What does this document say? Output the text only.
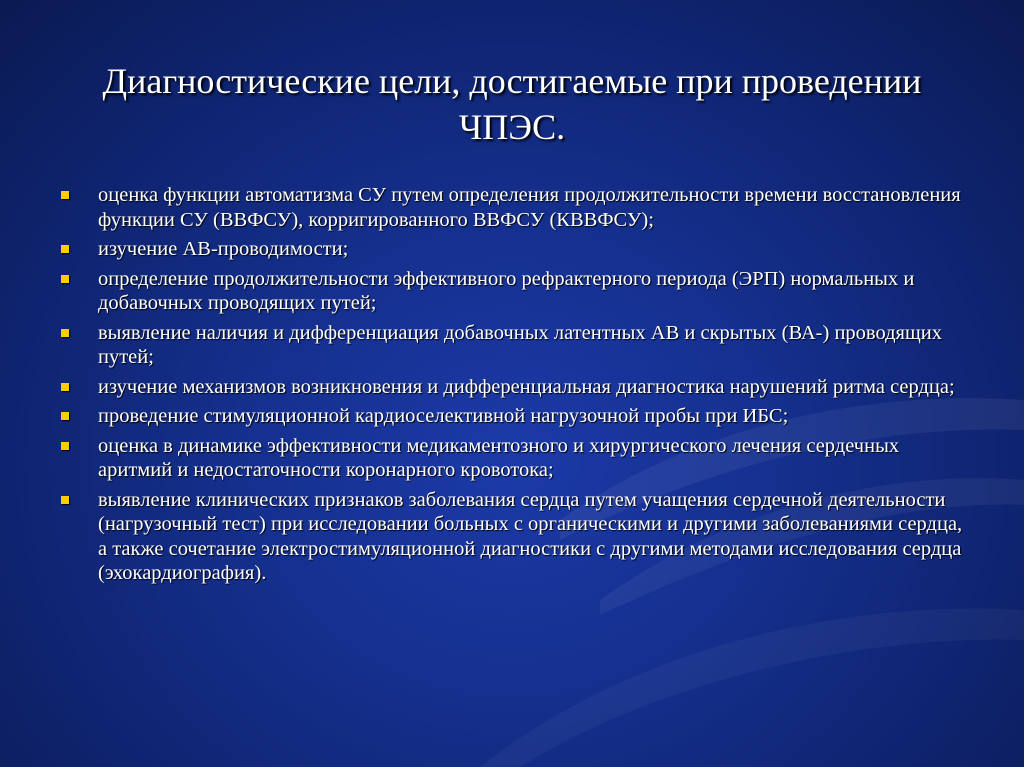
Диагностические цели, достигаемые при проведении
ЧПЭС.
оценка функции автоматизма СУ путем определения продолжительности времени восстановления функции СУ (ВВФСУ), корригированного ВВФСУ (КВВФСУ);
изучение АВ-проводимости;
определение продолжительности эффективного рефрактерного периода (ЭРП) нормальных и добавочных проводящих путей;
выявление наличия и дифференциация добавочных латентных АВ и скрытых (ВА-) проводящих путей;
изучение механизмов возникновения и дифференциальная диагностика нарушений ритма сердца;
проведение стимуляционной кардиоселективной нагрузочной пробы при ИБС;
оценка в динамике эффективности медикаментозного и хирургического лечения сердечных аритмий и недостаточности коронарного кровотока;
выявление клинических признаков заболевания сердца путем учащения сердечной деятельности (нагрузочный тест) при исследовании больных с органическими и другими заболеваниями сердца, а также сочетание электростимуляционной диагностики с другими методами исследования сердца (эхокардиография).
